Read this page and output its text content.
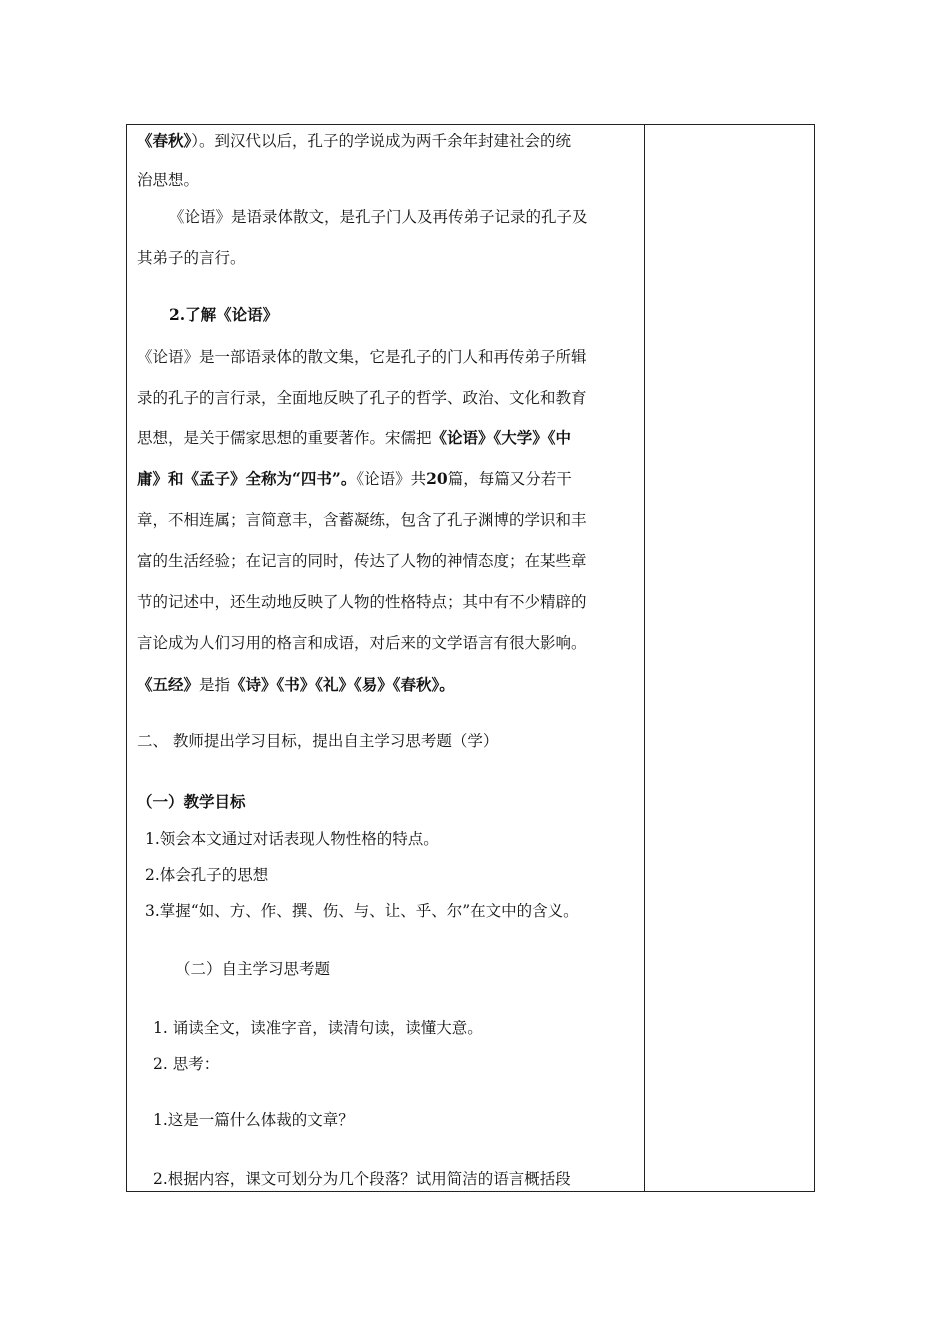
《春秋》）。到汉代以后，孔子的学说成为两千余年封建社会的统
治思想。
《论语》是语录体散文，是孔子门人及再传弟子记录的孔子及
其弟子的言行。
2.了解《论语》
《论语》是一部语录体的散文集，它是孔子的门人和再传弟子所辑
录的孔子的言行录，全面地反映了孔子的哲学、政治、文化和教育
思想，是关于儒家思想的重要著作。宋儒把《论语》《大学》《中
庸》和《孟子》全称为“四书”。《论语》共20篇，每篇又分若干
章，不相连属；言简意丰，含蓄凝练，包含了孔子渊博的学识和丰
富的生活经验；在记言的同时，传达了人物的神情态度；在某些章
节的记述中，还生动地反映了人物的性格特点；其中有不少精辟的
言论成为人们习用的格言和成语，对后来的文学语言有很大影响。
《五经》是指《诗》《书》《礼》《易》《春秋》。
二、 教师提出学习目标，提出自主学习思考题（学）
（一）教学目标
1.领会本文通过对话表现人物性格的特点。
2.体会孔子的思想
3.掌握“如、方、作、撰、伤、与、让、乎、尔”在文中的含义。
（二）自主学习思考题
1. 诵读全文，读准字音，读清句读，读懂大意。
2. 思考：
1.这是一篇什么体裁的文章？
2.根据内容，课文可划分为几个段落？试用简洁的语言概括段
